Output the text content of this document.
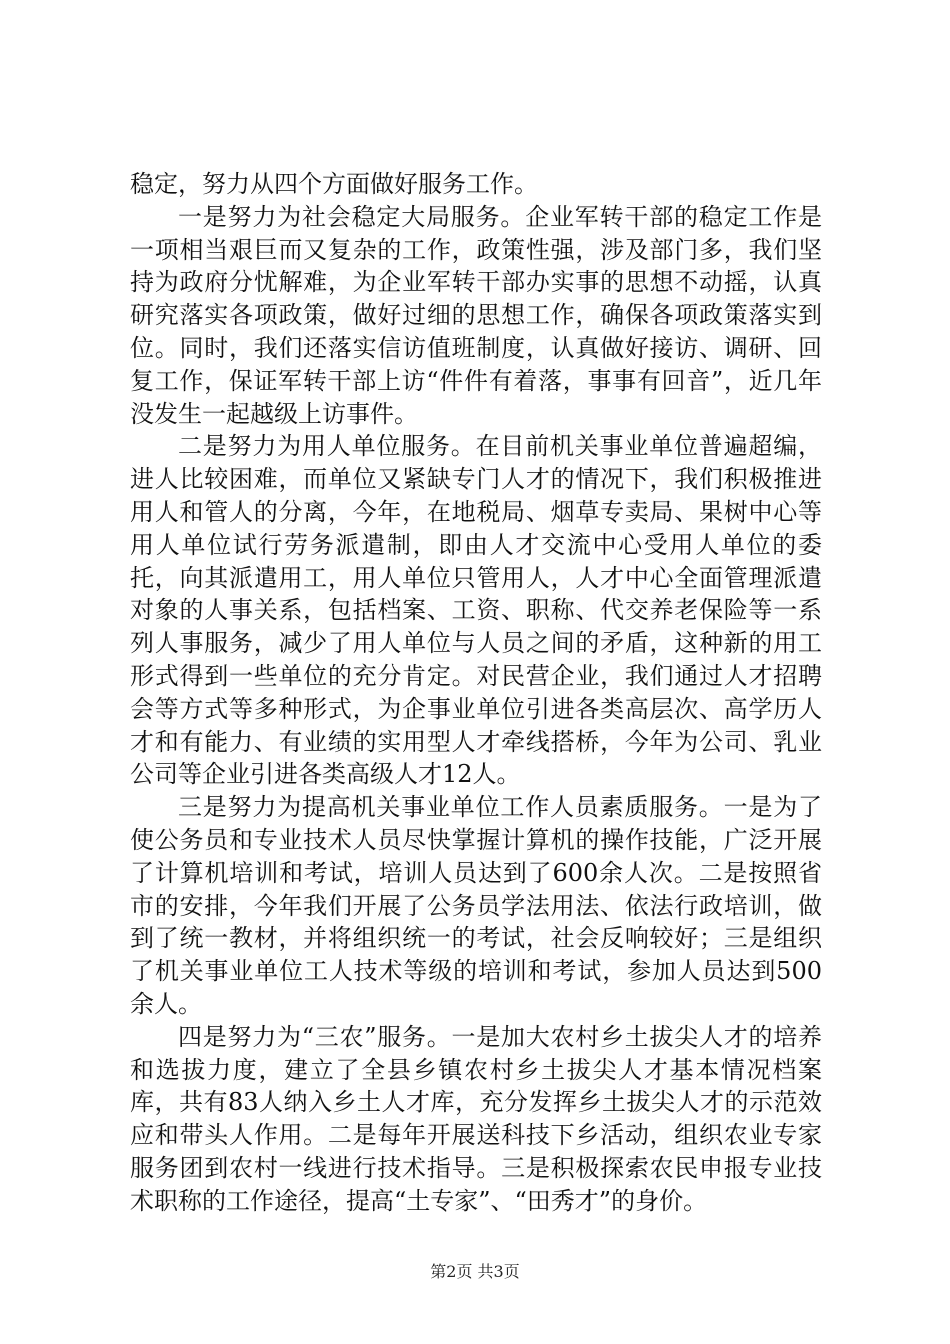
稳定，努力从四个方面做好服务工作。

一是努力为社会稳定大局服务。企业军转干部的稳定工作是一项相当艰巨而又复杂的工作，政策性强，涉及部门多，我们坚持为政府分忧解难，为企业军转干部办实事的思想不动摇，认真研究落实各项政策，做好过细的思想工作，确保各项政策落实到位。同时，我们还落实信访值班制度，认真做好接访、调研、回复工作，保证军转干部上访“件件有着落，事事有回音”，近几年没发生一起越级上访事件。

二是努力为用人单位服务。在目前机关事业单位普遍超编，进人比较困难，而单位又紧缺专门人才的情况下，我们积极推进用人和管人的分离，今年，在地税局、烟草专卖局、果树中心等用人单位试行劳务派遣制，即由人才交流中心受用人单位的委托，向其派遣用工，用人单位只管用人，人才中心全面管理派遣对象的人事关系，包括档案、工资、职称、代交养老保险等一系列人事服务，减少了用人单位与人员之间的矛盾，这种新的用工形式得到一些单位的充分肯定。对民营企业，我们通过人才招聘会等方式等多种形式，为企事业单位引进各类高层次、高学历人才和有能力、有业绩的实用型人才牵线搭桥，今年为公司、乳业公司等企业引进各类高级人才12人。

三是努力为提高机关事业单位工作人员素质服务。一是为了使公务员和专业技术人员尽快掌握计算机的操作技能，广泛开展了计算机培训和考试，培训人员达到了600余人次。二是按照省市的安排，今年我们开展了公务员学法用法、依法行政培训，做到了统一教材，并将组织统一的考试，社会反响较好；三是组织了机关事业单位工人技术等级的培训和考试，参加人员达到500余人。

四是努力为“三农”服务。一是加大农村乡土拔尖人才的培养和选拔力度，建立了全县乡镇农村乡土拔尖人才基本情况档案库，共有83人纳入乡土人才库，充分发挥乡土拔尖人才的示范效应和带头人作用。二是每年开展送科技下乡活动，组织农业专家服务团到农村一线进行技术指导。三是积极探索农民申报专业技术职称的工作途径，提高“土专家”、“田秀才”的身价。

第2页 共3页
